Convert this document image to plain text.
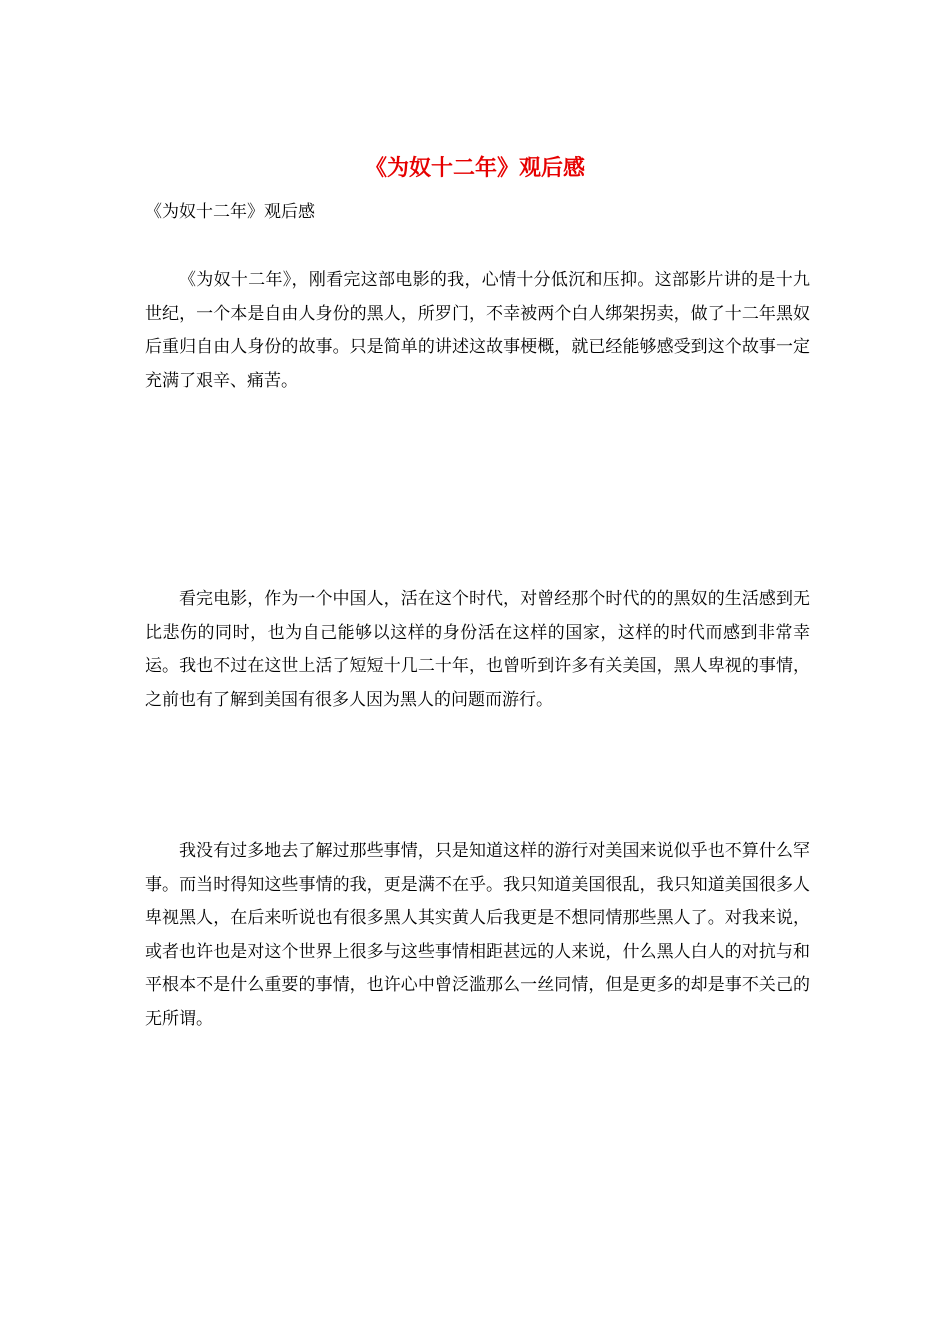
《为奴十二年》观后感

《为奴十二年》观后感

《为奴十二年》，刚看完这部电影的我，心情十分低沉和压抑。这部影片讲的是十九世纪，一个本是自由人身份的黑人，所罗门，不幸被两个白人绑架拐卖，做了十二年黑奴后重归自由人身份的故事。只是简单的讲述这故事梗概，就已经能够感受到这个故事一定充满了艰辛、痛苦。

看完电影，作为一个中国人，活在这个时代，对曾经那个时代的的黑奴的生活感到无比悲伤的同时，也为自己能够以这样的身份活在这样的国家，这样的时代而感到非常幸运。我也不过在这世上活了短短十几二十年，也曾听到许多有关美国，黑人卑视的事情，之前也有了解到美国有很多人因为黑人的问题而游行。

我没有过多地去了解过那些事情，只是知道这样的游行对美国来说似乎也不算什么罕事。而当时得知这些事情的我，更是满不在乎。我只知道美国很乱，我只知道美国很多人卑视黑人，在后来听说也有很多黑人其实黄人后我更是不想同情那些黑人了。对我来说，或者也许也是对这个世界上很多与这些事情相距甚远的人来说，什么黑人白人的对抗与和平根本不是什么重要的事情，也许心中曾泛滥那么一丝同情，但是更多的却是事不关己的无所谓。
